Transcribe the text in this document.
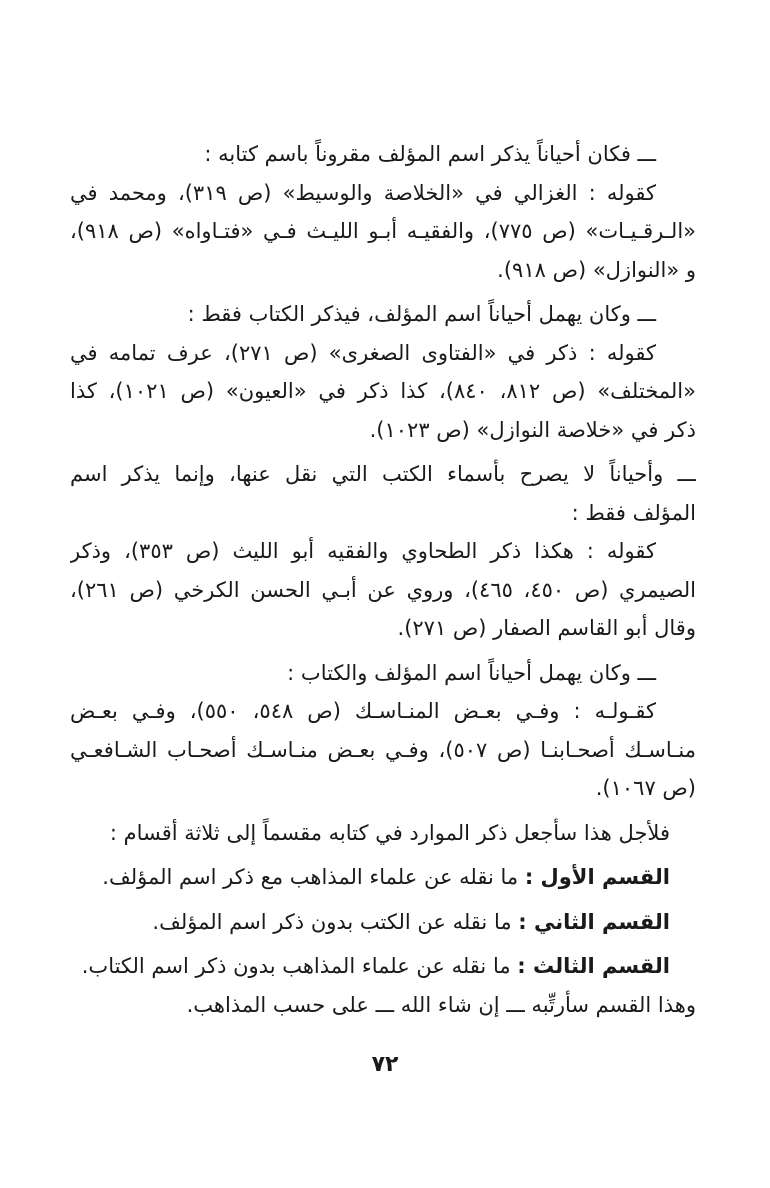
ـــ فكان أحياناً يذكر اسم المؤلف مقروناً باسم كتابه :
كقوله : الغزالي في «الخلاصة والوسيط» (ص ٣١٩)، ومحمد في
«الـرقـيـات» (ص ٧٧٥)، والفقيـه أبـو الليـث فـي «فتـاواه» (ص ٩١٨)،
و «النوازل» (ص ٩١٨).
ـــ وكان يهمل أحياناً اسم المؤلف، فيذكر الكتاب فقط :
كقوله : ذكر في «الفتاوى الصغرى» (ص ٢٧١)، عرف تمامه في
«المختلف» (ص ٨١٢، ٨٤٠)، كذا ذكر في «العيون» (ص ١٠٢١)، كذا
ذكر في «خلاصة النوازل» (ص ١٠٢٣).
ـــ وأحياناً لا يصرح بأسماء الكتب التي نقل عنها، وإنما يذكر اسم
المؤلف فقط :
كقوله : هكذا ذكر الطحاوي والفقيه أبو الليث (ص ٣٥٣)، وذكر
الصيمري (ص ٤٥٠، ٤٦٥)، وروي عن أبـي الحسن الكرخي (ص ٢٦١)،
وقال أبو القاسم الصفار (ص ٢٧١).
ـــ وكان يهمل أحياناً اسم المؤلف والكتاب :
كقـولـه : وفـي بعـض المنـاسـك (ص ٥٤٨، ٥٥٠)، وفـي بعـض
منـاسـك أصحـابنـا (ص ٥٠٧)، وفـي بعـض منـاسـك أصحـاب الشـافعـي
(ص ١٠٦٧).
فلأجل هذا سأجعل ذكر الموارد في كتابه مقسماً إلى ثلاثة أقسام :
القسم الأول : ما نقله عن علماء المذاهب مع ذكر اسم المؤلف.
القسم الثاني : ما نقله عن الكتب بدون ذكر اسم المؤلف.
القسم الثالث : ما نقله عن علماء المذاهب بدون ذكر اسم الكتاب.
وهذا القسم سأرتِّبه ـــ إن شاء الله ـــ على حسب المذاهب.
٧٢
